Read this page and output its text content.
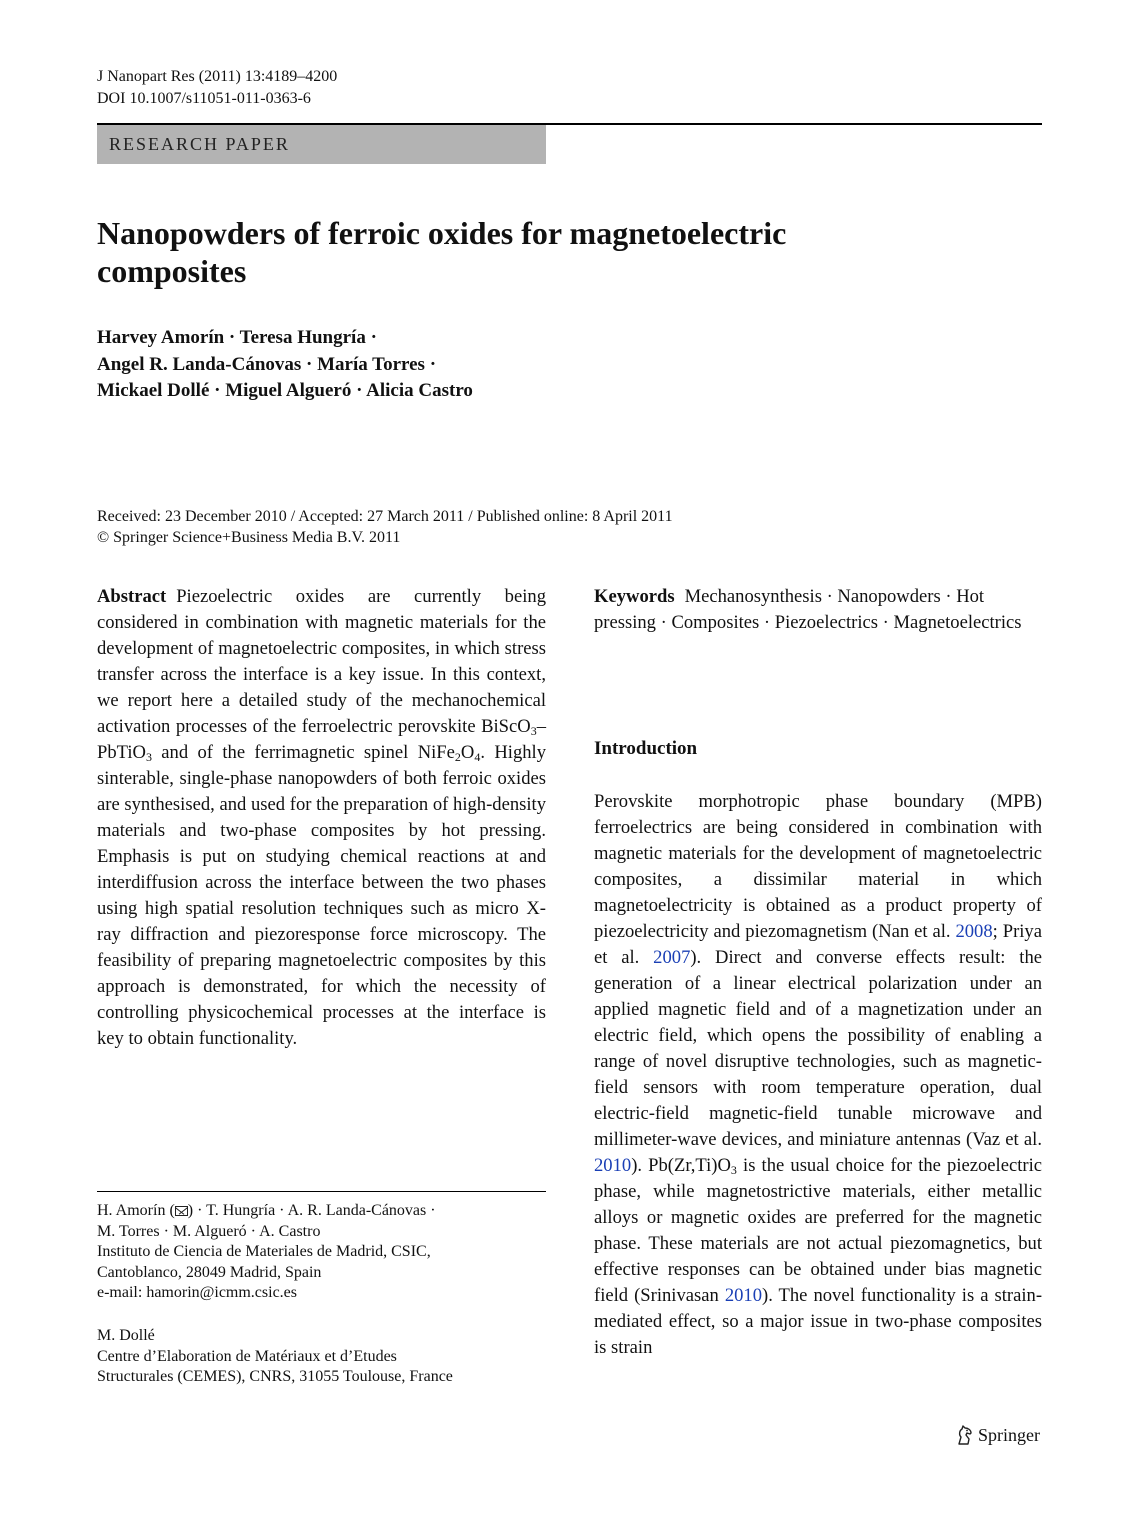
J Nanopart Res (2011) 13:4189–4200
DOI 10.1007/s11051-011-0363-6
RESEARCH PAPER
Nanopowders of ferroic oxides for magnetoelectric composites
Harvey Amorín · Teresa Hungría ·
Angel R. Landa-Cánovas · María Torres ·
Mickael Dollé · Miguel Algueró · Alicia Castro
Received: 23 December 2010 / Accepted: 27 March 2011 / Published online: 8 April 2011
© Springer Science+Business Media B.V. 2011
Abstract Piezoelectric oxides are currently being considered in combination with magnetic materials for the development of magnetoelectric composites, in which stress transfer across the interface is a key issue. In this context, we report here a detailed study of the mechanochemical activation processes of the ferroelectric perovskite BiScO$_3$–PbTiO$_3$ and of the ferrimagnetic spinel $NiFe_2O_4$. Highly sinterable, single-phase nanopowders of both ferroic oxides are synthesised, and used for the preparation of high-density materials and two-phase composites by hot pressing. Emphasis is put on studying chemical reactions at and interdiffusion across the interface between the two phases using high spatial resolution techniques such as micro X-ray diffraction and piezoresponse force microscopy. The feasibility of preparing magnetoelectric composites by this approach is demonstrated, for which the necessity of controlling physicochemical processes at the interface is key to obtain functionality.
Keywords Mechanosynthesis · Nanopowders · Hot pressing · Composites · Piezoelectrics · Magnetoelectrics
Introduction
Perovskite morphotropic phase boundary (MPB) ferroelectrics are being considered in combination with magnetic materials for the development of magnetoelectric composites, a dissimilar material in which magnetoelectricity is obtained as a product property of piezoelectricity and piezomagnetism (Nan et al. 2008; Priya et al. 2007). Direct and converse effects result: the generation of a linear electrical polarization under an applied magnetic field and of a magnetization under an electric field, which opens the possibility of enabling a range of novel disruptive technologies, such as magnetic-field sensors with room temperature operation, dual electric-field magnetic-field tunable microwave and millimeter-wave devices, and miniature antennas (Vaz et al. 2010). $Pb(Zr,Ti)O_3$ is the usual choice for the piezoelectric phase, while magnetostrictive materials, either metallic alloys or magnetic oxides are preferred for the magnetic phase. These materials are not actual piezomagnetics, but effective responses can be obtained under bias magnetic field (Srinivasan 2010). The novel functionality is a strain-mediated effect, so a major issue in two-phase composites is strain
H. Amorín ( ) · T. Hungría · A. R. Landa-Cánovas ·
M. Torres · M. Algueró · A. Castro
Instituto de Ciencia de Materiales de Madrid, CSIC,
Cantoblanco, 28049 Madrid, Spain
e-mail: hamorin@icmm.csic.es
M. Dollé
Centre d’Elaboration de Matériaux et d’Etudes
Structurales (CEMES), CNRS, 31055 Toulouse, France
Springer
